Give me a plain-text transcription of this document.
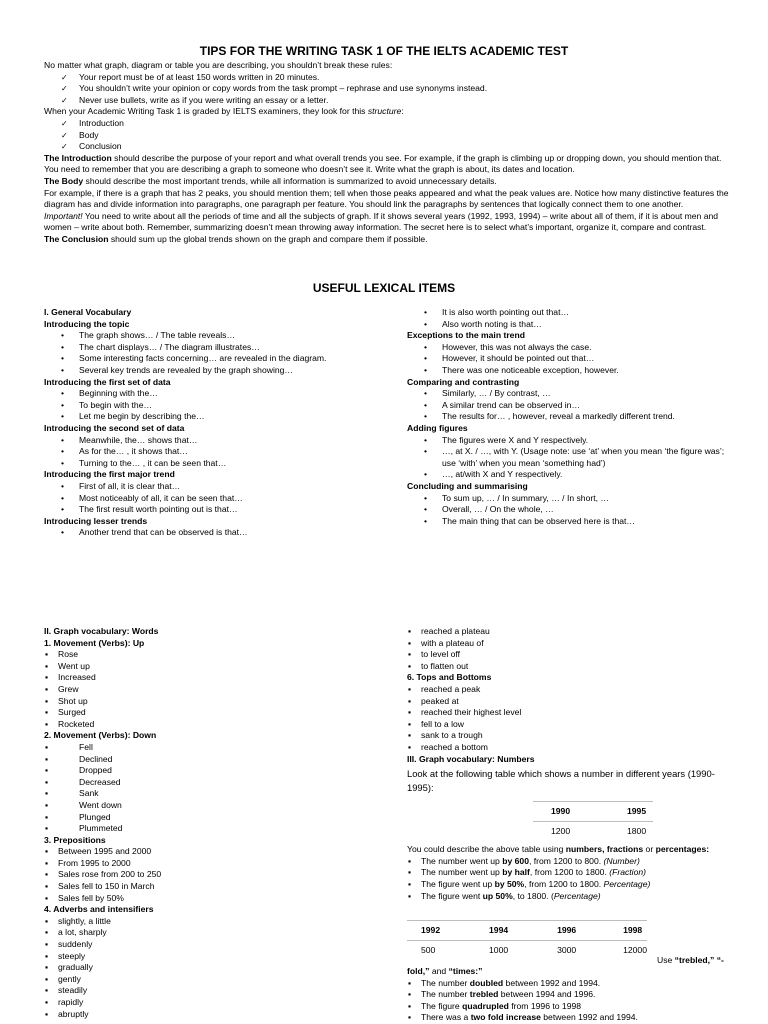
TIPS FOR THE WRITING TASK 1 OF THE IELTS ACADEMIC TEST

No matter what graph, diagram or table you are describing, you shouldn’t break these rules:

✓ Your report must be of at least 150 words written in 20 minutes.
✓ You shouldn’t write your opinion or copy words from the task prompt – rephrase and use synonyms instead.
✓ Never use bullets, write as if you were writing an essay or a letter.

When your Academic Writing Task 1 is graded by IELTS examiners, they look for this structure:

✓ Introduction
✓ Body
✓ Conclusion

The Introduction should describe the purpose of your report and what overall trends you see. For example, if the graph is climbing up or dropping down, you should mention that. You need to remember that you are describing a graph to someone who doesn’t see it. Write what the graph is about, its dates and location.

The Body should describe the most important trends, while all information is summarized to avoid unnecessary details.

For example, if there is a graph that has 2 peaks, you should mention them; tell when those peaks appeared and what the peak values are. Notice how many distinctive features the diagram has and divide information into paragraphs, one paragraph per feature. You should link the paragraphs by sentences that logically connect them to one another.

Important! You need to write about all the periods of time and all the subjects of graph. If it shows several years (1992, 1993, 1994) – write about all of them, if it is about men and women – write about both. Remember, summarizing doesn’t mean throwing away information. The secret here is to select what’s important, organize it, compare and contrast.

The Conclusion should sum up the global trends shown on the graph and compare them if possible.

USEFUL LEXICAL ITEMS

I. General Vocabulary

Introducing the topic

• The graph shows… / The table reveals…
• The chart displays… / The diagram illustrates…
• Some interesting facts concerning… are revealed in the diagram.
• Several key trends are revealed by the graph showing…

Introducing the first set of data

• Beginning with the…
• To begin with the…
• Let me begin by describing the…

Introducing the second set of data

• Meanwhile, the… shows that…
• As for the… , it shows that…
• Turning to the… , it can be seen that…

Introducing the first major trend

• First of all, it is clear that…
• Most noticeably of all, it can be seen that…
• The first result worth pointing out is that…

Introducing lesser trends

• Another trend that can be observed is that…
• It is also worth pointing out that…
• Also worth noting is that…

Exceptions to the main trend

• However, this was not always the case.
• However, it should be pointed out that…
• There was one noticeable exception, however.

Comparing and contrasting

• Similarly, … / By contrast, …
• A similar trend can be observed in…
• The results for… , however, reveal a markedly different trend.

Adding figures

• The figures were X and Y respectively.
• …, at X. / …, with Y. (Usage note: use ‘at’ when you mean ‘the figure was’; use ‘with’ when you mean ‘something had’)
• …, at/with X and Y respectively.

Concluding and summarising

• To sum up, … / In summary, … / In short, …
• Overall, … / On the whole, …
• The main thing that can be observed here is that…

II. Graph vocabulary: Words

1. Movement (Verbs): Up

▪ Rose
▪ Went up
▪ Increased
▪ Grew
▪ Shot up
▪ Surged
▪ Rocketed

2. Movement (Verbs): Down

▪ Fell
▪ Declined
▪ Dropped
▪ Decreased
▪ Sank
▪ Went down
▪ Plunged
▪ Plummeted

3. Prepositions

▪ Between 1995 and 2000
▪ From 1995 to 2000
▪ Sales rose from 200 to 250
▪ Sales fell to 150 in March
▪ Sales fell by 50%

4. Adverbs and intensifiers

▪ slightly, a little
▪ a lot, sharply
▪ suddenly
▪ steeply
▪ gradually
▪ gently
▪ steadily
▪ rapidly
▪ abruptly
▪ reached a plateau
▪ with a plateau of
▪ to level off
▪ to flatten out

6. Tops and Bottoms

▪ reached a peak
▪ peaked at
▪ reached their highest level
▪ fell to a low
▪ sank to a trough
▪ reached a bottom

III. Graph vocabulary: Numbers

Look at the following table which shows a number in different years (1990-1995):

1990	1995
1200	1800

You could describe the above table using numbers, fractions or percentages:

▪ The number went up by 600, from 1200 to 800. (Number)
▪ The number went up by half, from 1200 to 1800. (Fraction)
▪ The figure went up by 50%, from 1200 to 1800. Percentage)
▪ The figure went up 50%, to 1800. (Percentage)
1992	1994	1996	1998
500	1000	3000	12000

Use “trebled,” “-

fold,” and “times:”

▪ The number doubled between 1992 and 1994.
▪ The number trebled between 1994 and 1996.
▪ The figure quadrupled from 1996 to 1998
▪ There was a two fold increase between 1992 and 1994.
